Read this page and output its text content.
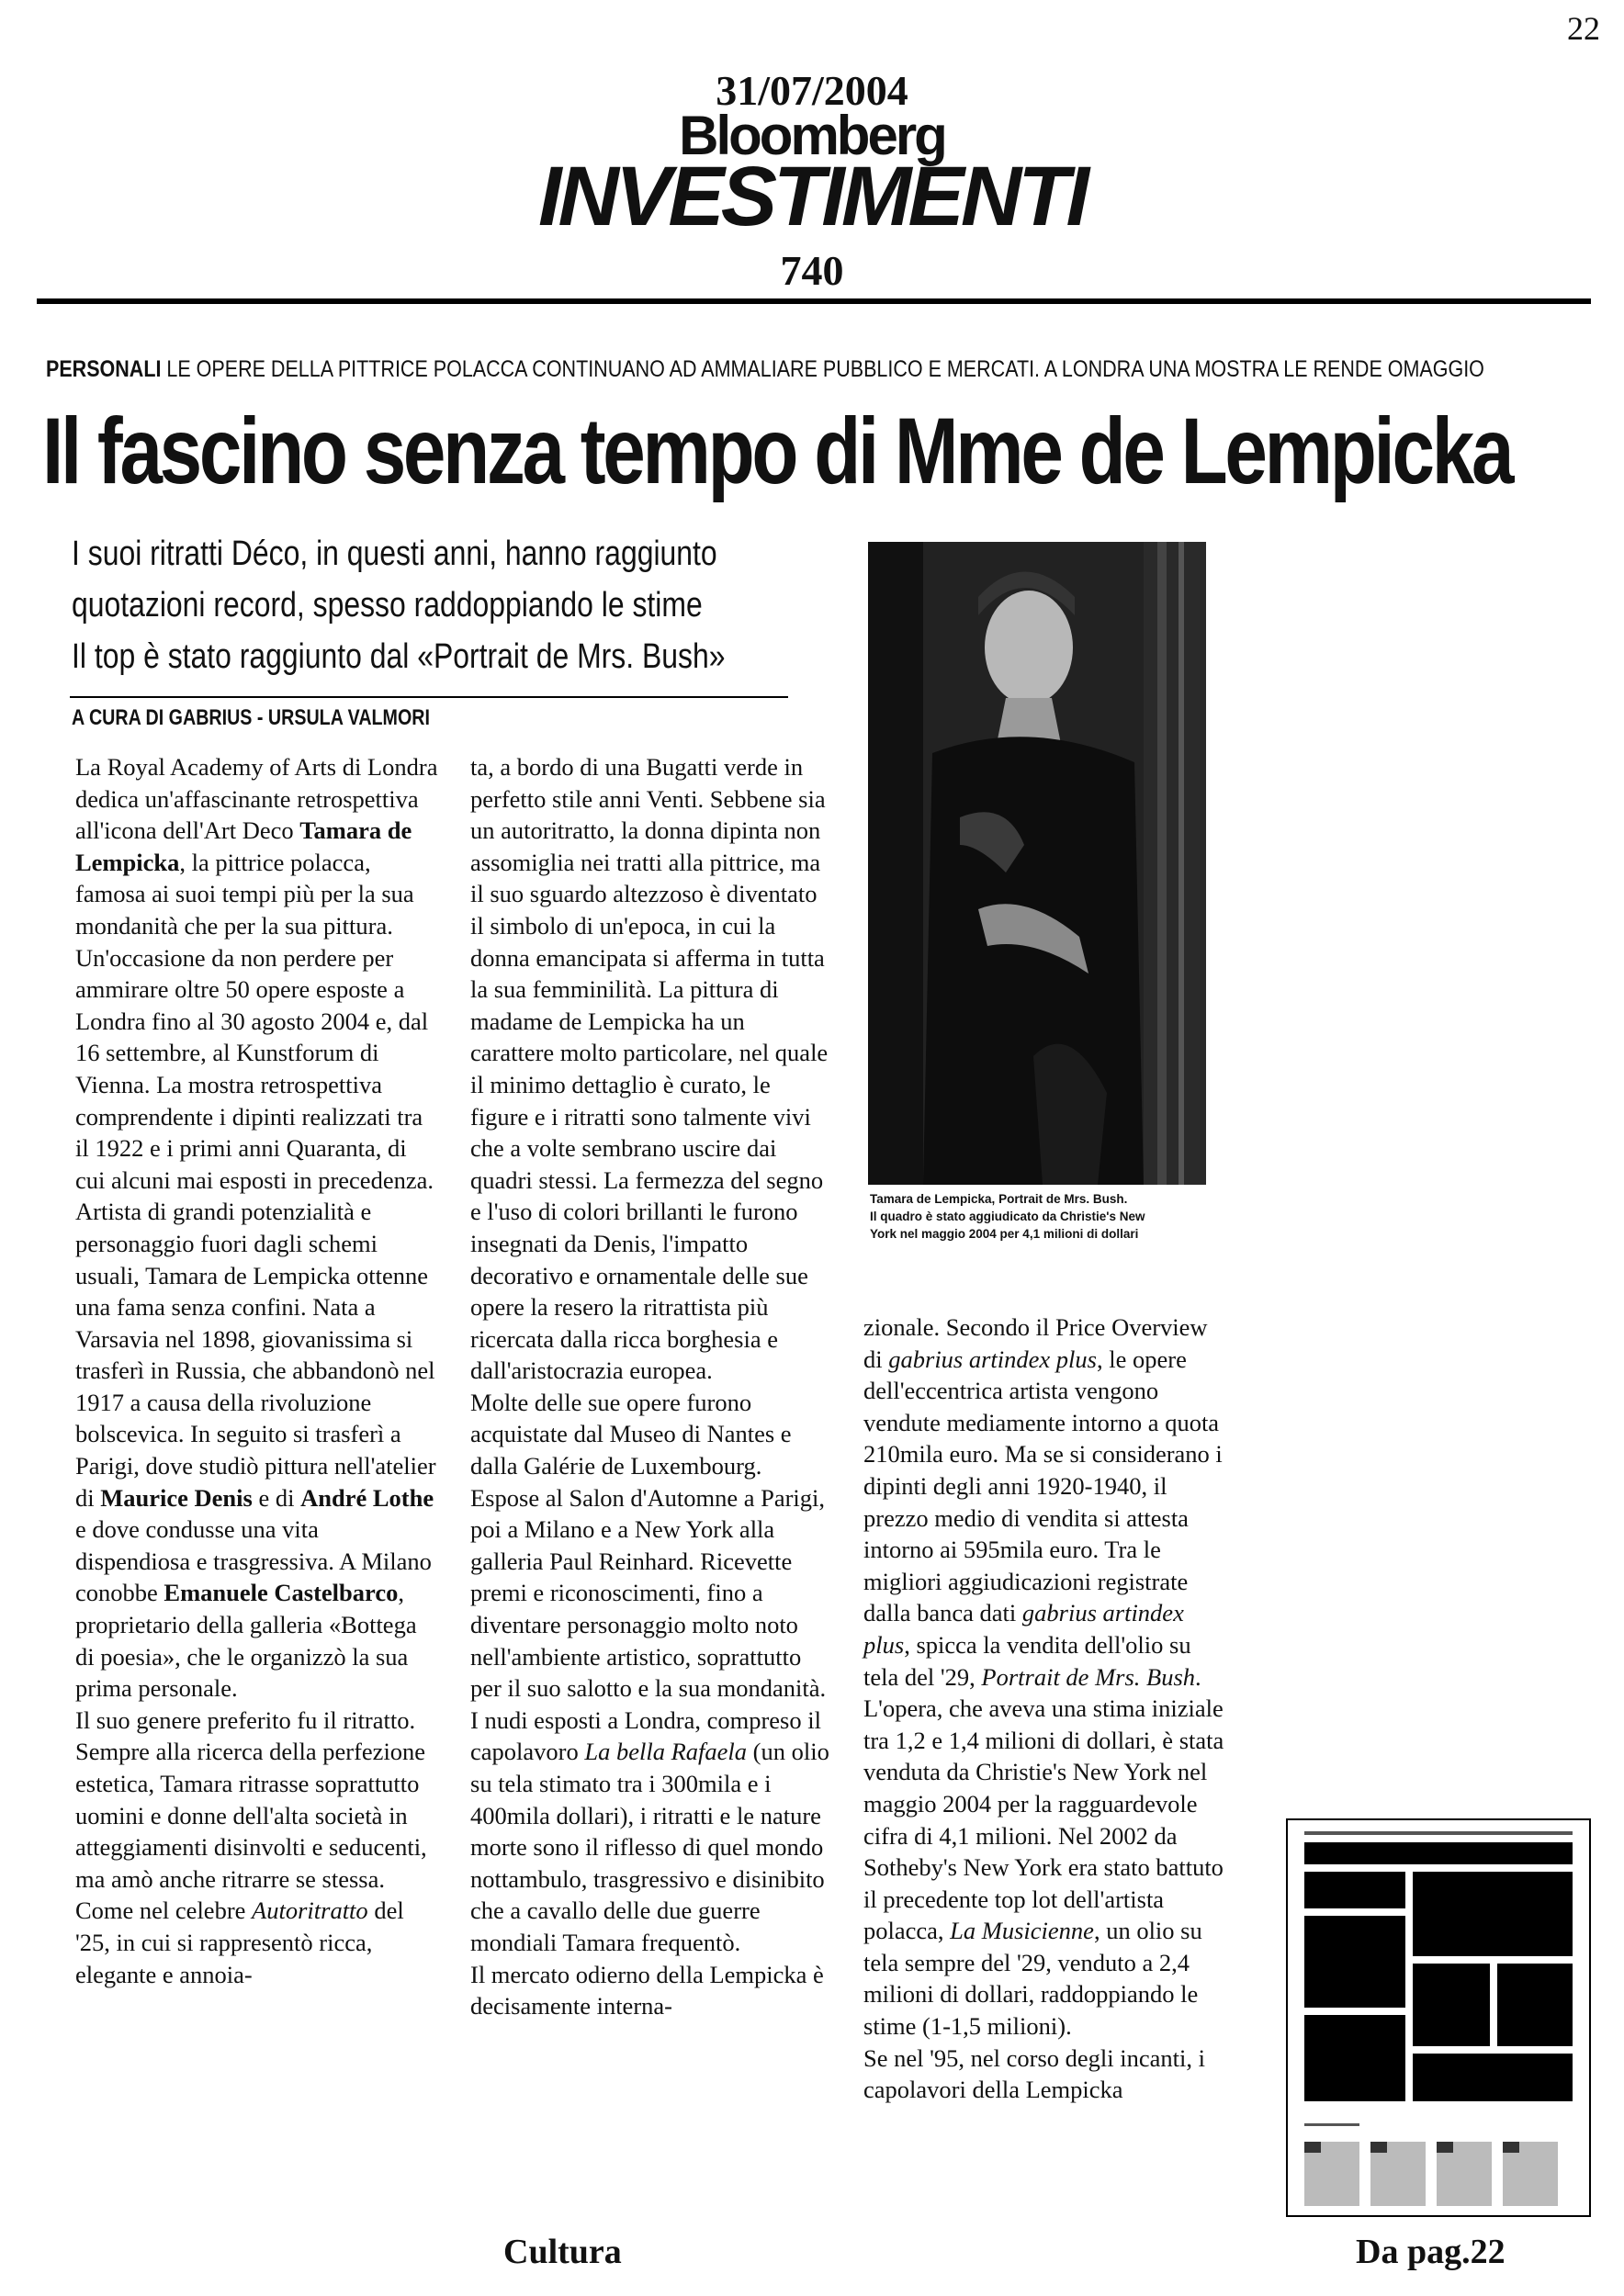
22
31/07/2004
Bloomberg
INVESTIMENTI
740
PERSONALI LE OPERE DELLA PITTRICE POLACCA CONTINUANO AD AMMALIARE PUBBLICO E MERCATI. A LONDRA UNA MOSTRA LE RENDE OMAGGIO
Il fascino senza tempo di Mme de Lempicka
I suoi ritratti Déco, in questi anni, hanno raggiunto
quotazioni record, spesso raddoppiando le stime
Il top è stato raggiunto dal «Portrait de Mrs. Bush»
A CURA DI GABRIUS - URSULA VALMORI

La Royal Academy of Arts di Londra dedica un'affascinante retrospettiva all'icona dell'Art Deco Tamara de Lempicka, la pittrice polacca, famosa ai suoi tempi più per la sua mondanità che per la sua pittura. Un'occasione da non perdere per ammirare oltre 50 opere esposte a Londra fino al 30 agosto 2004 e, dal 16 settembre, al Kunstforum di Vienna. La mostra retrospettiva comprendente i dipinti realizzati tra il 1922 e i primi anni Quaranta, di cui alcuni mai esposti in precedenza.

Artista di grandi potenzialità e personaggio fuori dagli schemi usuali, Tamara de Lempicka ottenne una fama senza confini. Nata a Varsavia nel 1898, giovanissima si trasferì in Russia, che abbandonò nel 1917 a causa della rivoluzione bolscevica. In seguito si trasferì a Parigi, dove studiò pittura nell'atelier di Maurice Denis e di André Lothe e dove condusse una vita dispendiosa e trasgressiva. A Milano conobbe Emanuele Castelbarco, proprietario della galleria «Bottega di poesia», che le organizzò la sua prima personale.

Il suo genere preferito fu il ritratto. Sempre alla ricerca della perfezione estetica, Tamara ritrasse soprattutto uomini e donne dell'alta società in atteggiamenti disinvolti e seducenti, ma amò anche ritrarre se stessa. Come nel celebre Autoritratto del '25, in cui si rappresentò ricca, elegante e annoia-

ta, a bordo di una Bugatti verde in perfetto stile anni Venti. Sebbene sia un autoritratto, la donna dipinta non assomiglia nei tratti alla pittrice, ma il suo sguardo altezzoso è diventato il simbolo di un'epoca, in cui la donna emancipata si afferma in tutta la sua femminilità. La pittura di madame de Lempicka ha un carattere molto particolare, nel quale il minimo dettaglio è curato, le figure e i ritratti sono talmente vivi che a volte sembrano uscire dai quadri stessi. La fermezza del segno e l'uso di colori brillanti le furono insegnati da Denis, l'impatto decorativo e ornamentale delle sue opere la resero la ritrattista più ricercata dalla ricca borghesia e dall'aristocrazia europea.

Molte delle sue opere furono acquistate dal Museo di Nantes e dalla Galérie de Luxembourg. Espose al Salon d'Automne a Parigi, poi a Milano e a New York alla galleria Paul Reinhard. Ricevette premi e riconoscimenti, fino a diventare personaggio molto noto nell'ambiente artistico, soprattutto per il suo salotto e la sua mondanità. I nudi esposti a Londra, compreso il capolavoro La bella Rafaela (un olio su tela stimato tra i 300mila e i 400mila dollari), i ritratti e le nature morte sono il riflesso di quel mondo nottambulo, trasgressivo e disinibito che a cavallo delle due guerre mondiali Tamara frequentò.

Il mercato odierno della Lempicka è decisamente interna-

Tamara de Lempicka, Portrait de Mrs. Bush.
Il quadro è stato aggiudicato da Christie's New
York nel maggio 2004 per 4,1 milioni di dollari

zionale. Secondo il Price Overview di gabrius artindex plus, le opere dell'eccentrica artista vengono vendute mediamente intorno a quota 210mila euro. Ma se si considerano i dipinti degli anni 1920-1940, il prezzo medio di vendita si attesta intorno ai 595mila euro. Tra le migliori aggiudicazioni registrate dalla banca dati gabrius artindex plus, spicca la vendita dell'olio su tela del '29, Portrait de Mrs. Bush. L'opera, che aveva una stima iniziale tra 1,2 e 1,4 milioni di dollari, è stata venduta da Christie's New York nel maggio 2004 per la ragguardevole cifra di 4,1 milioni. Nel 2002 da Sotheby's New York era stato battuto il precedente top lot dell'artista polacca, La Musicienne, un olio su tela sempre del '29, venduto a 2,4 milioni di dollari, raddoppiando le stime (1-1,5 milioni).

Se nel '95, nel corso degli incanti, i capolavori della Lempicka

Cultura	Da pag.22
